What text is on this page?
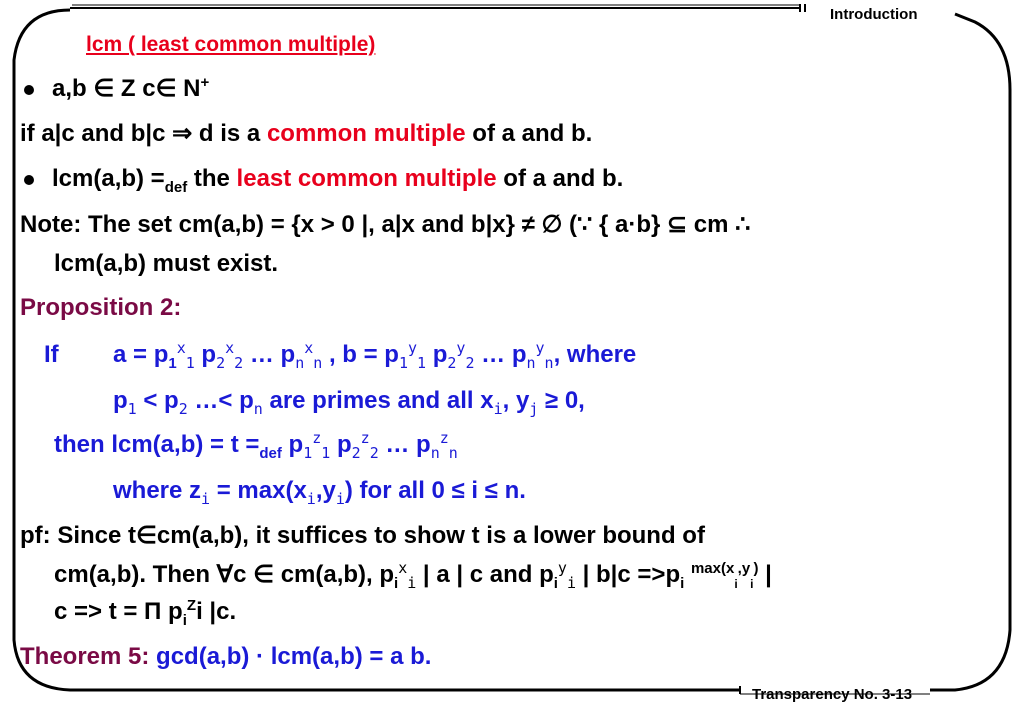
Introduction
Transparency No. 3-13
lcm ( least common multiple)
a,b ∈ Z c∈ N+
if a|c and b|c ⇒ d is a common multiple of a and b.
$lcm(a,b) =_{def}$ the least common multiple of a and b.
Note: The set cm(a,b) = {x > 0 |, a|x and b|x} ≠ ∅ (∵ { a·b} ⊆ cm ∴
lcm(a,b) must exist.
Proposition 2:
If $a = p_1^x_1$ $p_2^x_2$ … $p_n^x_n$ , $b = p_1^y_1$ $p_2^y_2$ … $p_n^y_n$, where
$p_1 < p_2$ …< $p_n$ are primes and all $x_i$, $y_j \ge 0$,
then $lcm(a,b) = t =_{def}$ $p_1^z_1$ $p_2^z_2$ … $p_n^z_n$
where $z_i = \max(x_i,y_i)$ for all 0 ≤ i ≤ n.
pf: Since t∈cm(a,b), it suffices to show t is a lower bound of
cm(a,b). Then ∀c ∈ cm(a,b), $p_i^x_i$ | a | c and $p_i^y_i$ | $b|c =>p_i$ $^{max(x}_i^{,y}_i$) |
c => t = Π $p_i^Zi$ |c.
Theorem 5: gcd(a,b) · lcm(a,b) = a b.
